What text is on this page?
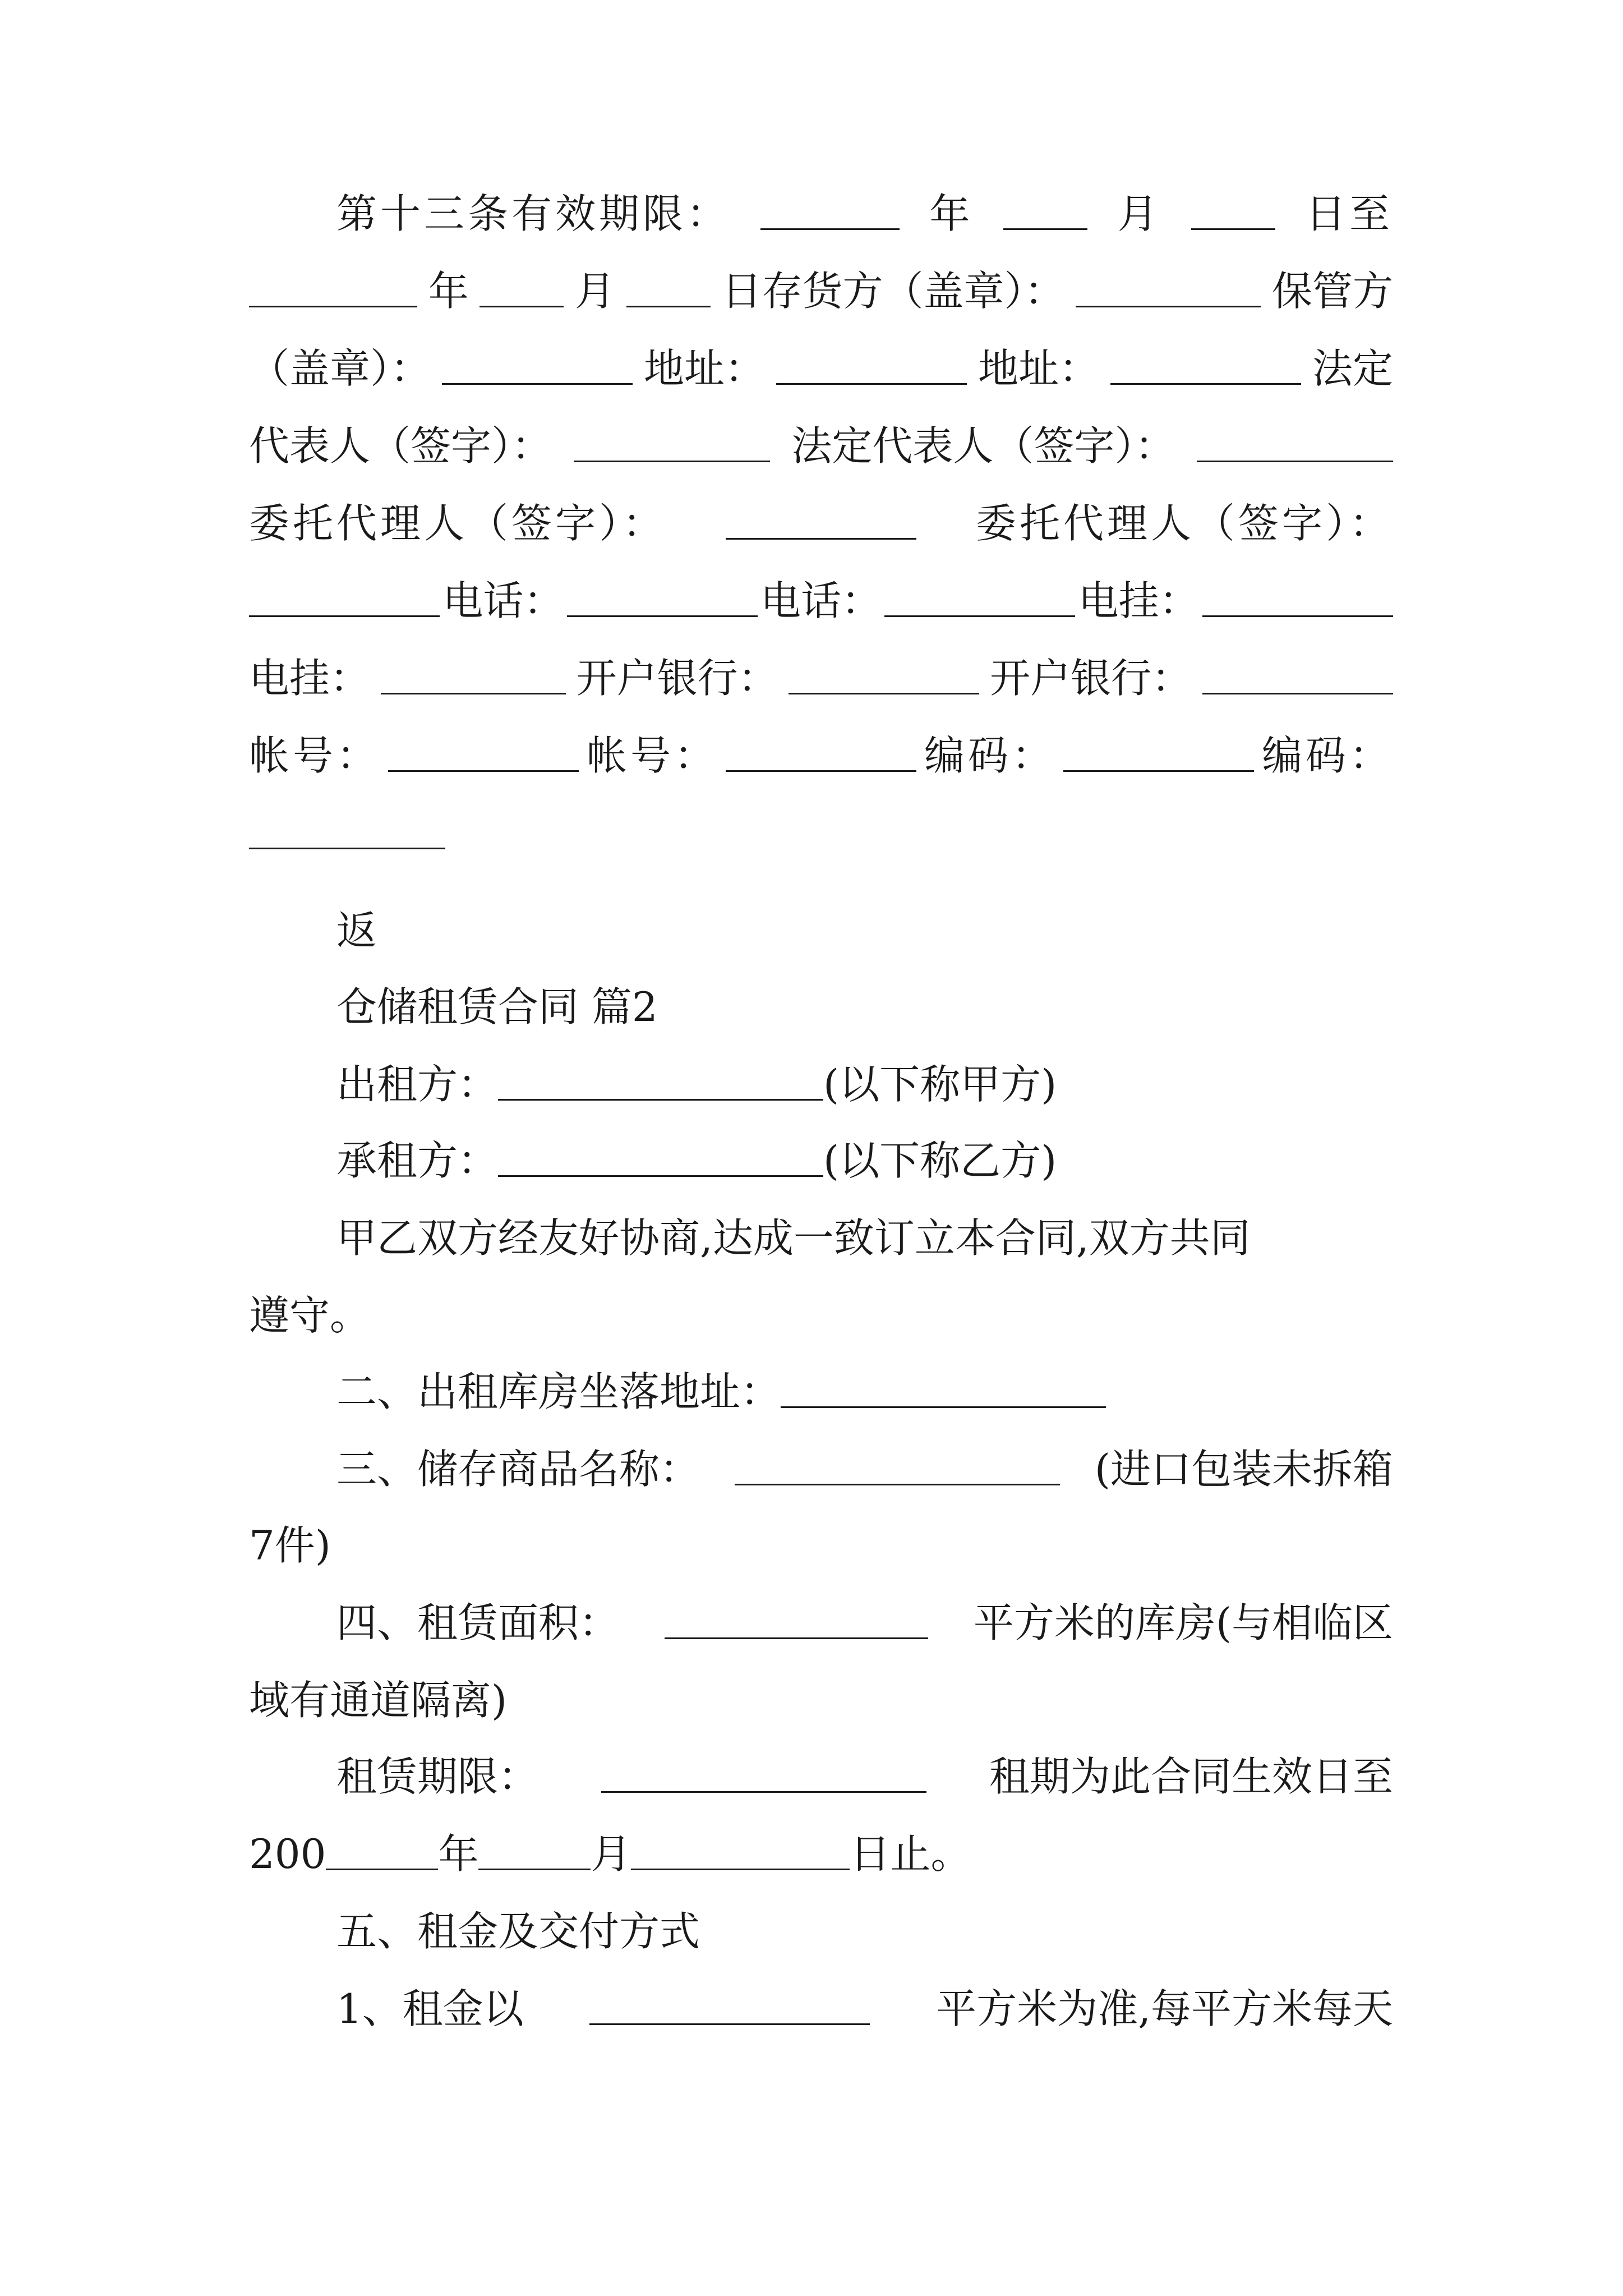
第十三条有效期限：	年	月	日至
年	月	日存货方（盖章）：	保管方
（盖章）：	地址：	地址：	法定
代表人（签字）：	法定代表人（签字）：
委托代理人（签字）：	委托代理人（签字）：
电话：	电话：	电挂：
电挂：	开户银行：	开户银行：
帐号：	帐号：	编码：	编码：
返
仓储租赁合同 篇2
出租方：	(以下称甲方)
承租方：	(以下称乙方)
甲乙双方经友好协商,达成一致订立本合同,双方共同
遵守。
二、出租库房坐落地址：
三、储存商品名称：	(进口包装未拆箱
7件)
四、租赁面积：	平方米的库房(与相临区
域有通道隔离)
租赁期限：	租期为此合同生效日至
200	年	月	日止。
五、租金及交付方式
1、租金以	平方米为准,每平方米每天
